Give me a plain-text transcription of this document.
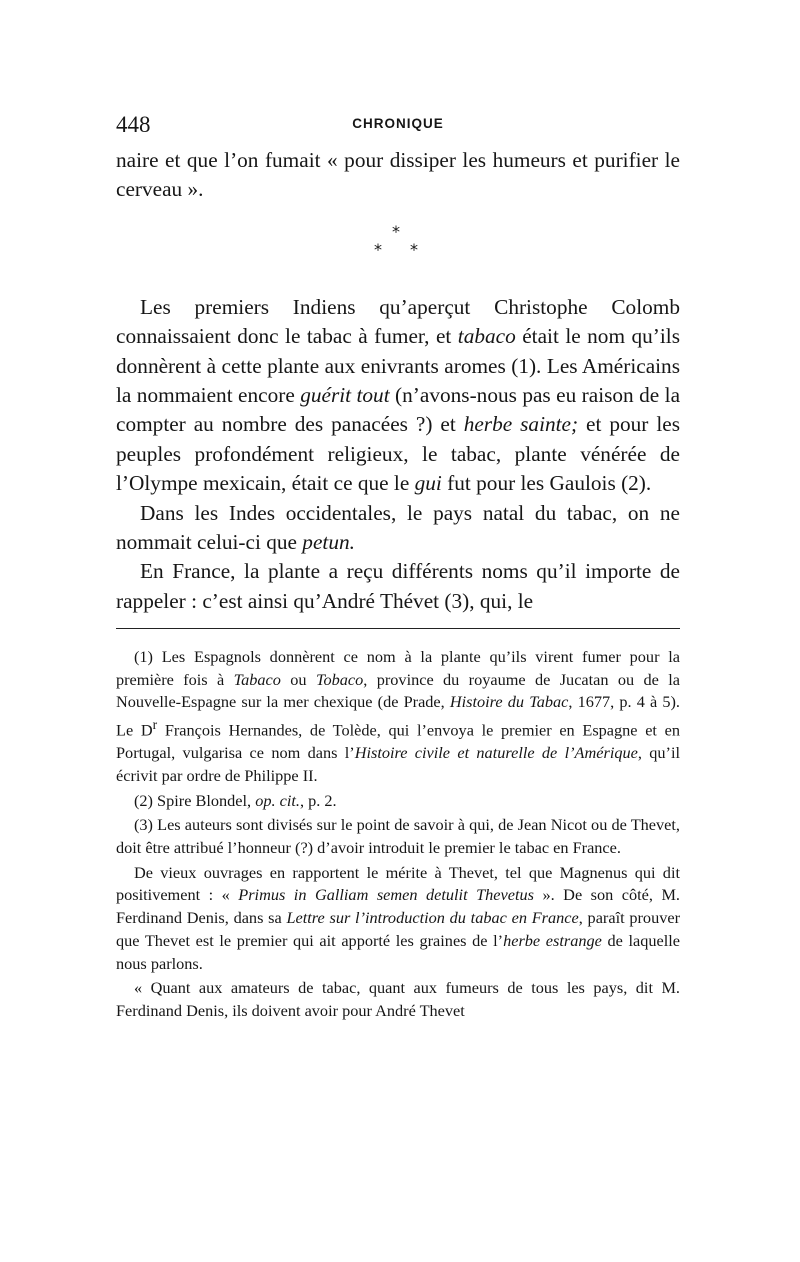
448	CHRONIQUE

naire et que l’on fumait « pour dissiper les humeurs et purifier le cerveau ».

*
* *

Les premiers Indiens qu’aperçut Christophe Colomb connaissaient donc le tabac à fumer, et tabaco était le nom qu’ils donnèrent à cette plante aux enivrants aromes (1). Les Américains la nommaient encore guérit tout (n’avons-nous pas eu raison de la compter au nombre des panacées ?) et herbe sainte; et pour les peuples profondément religieux, le tabac, plante vénérée de l’Olympe mexicain, était ce que le gui fut pour les Gaulois (2).

Dans les Indes occidentales, le pays natal du tabac, on ne nommait celui-ci que petun.

En France, la plante a reçu différents noms qu’il importe de rappeler : c’est ainsi qu’André Thévet (3), qui, le

(1) Les Espagnols donnèrent ce nom à la plante qu’ils virent fumer pour la première fois à Tabaco ou Tobaco, province du royaume de Jucatan ou de la Nouvelle-Espagne sur la mer chexique (de Prade, Histoire du Tabac, 1677, p. 4 à 5). Le $D^r$ François Hernandes, de Tolède, qui l’envoya le premier en Espagne et en Portugal, vulgarisa ce nom dans l’Histoire civile et naturelle de l’Amérique, qu’il écrivit par ordre de Philippe II.

(2) Spire Blondel, op. cit., p. 2.

(3) Les auteurs sont divisés sur le point de savoir à qui, de Jean Nicot ou de Thevet, doit être attribué l’honneur (?) d’avoir introduit le premier le tabac en France.

De vieux ouvrages en rapportent le mérite à Thevet, tel que Magnenus qui dit positivement : « Primus in Galliam semen detulit Thevetus ». De son côté, M. Ferdinand Denis, dans sa Lettre sur l’introduction du tabac en France, paraît prouver que Thevet est le premier qui ait apporté les graines de l’herbe estrange de laquelle nous parlons.

« Quant aux amateurs de tabac, quant aux fumeurs de tous les pays, dit M. Ferdinand Denis, ils doivent avoir pour André Thevet
